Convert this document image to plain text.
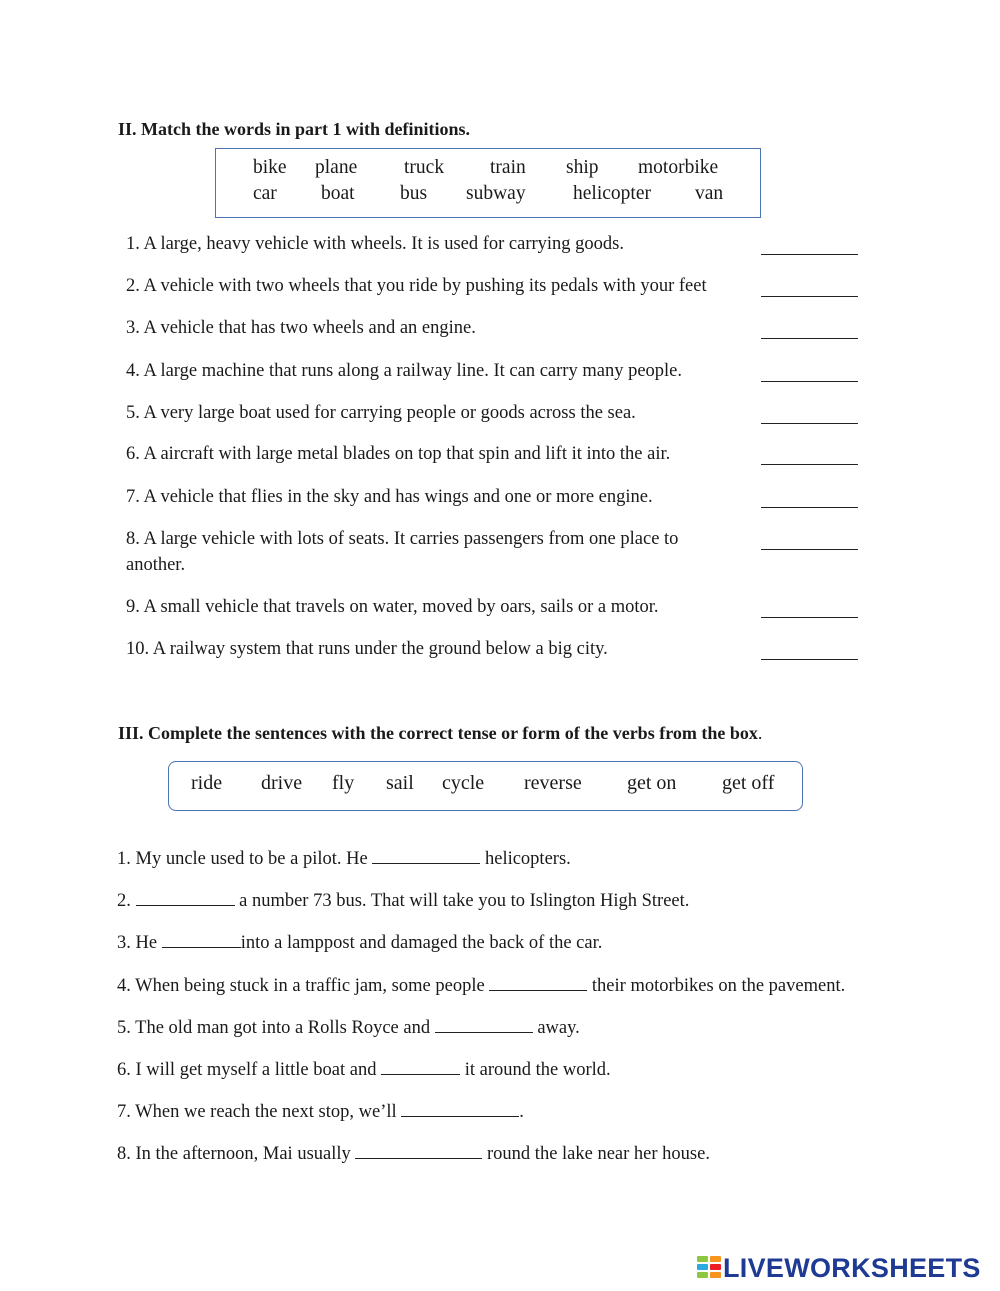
II. Match the words in part 1 with definitions.
bike plane truck train ship motorbike
car boat bus subway helicopter van
1. A large, heavy vehicle with wheels. It is used for carrying goods.
2. A vehicle with two wheels that you ride by pushing its pedals with your feet
3. A vehicle that has two wheels and an engine.
4. A large machine that runs along a railway line. It can carry many people.
5. A very large boat used for carrying people or goods across the sea.
6. A aircraft with large metal blades on top that spin and lift it into the air.
7. A vehicle that flies in the sky and has wings and one or more engine.
8. A large vehicle with lots of seats. It carries passengers from one place to another.
9. A small vehicle that travels on water, moved by oars, sails or a motor.
10. A railway system that runs under the ground below a big city.
III. Complete the sentences with the correct tense or form of the verbs from the box.
ride drive fly sail cycle reverse get on get off
1. My uncle used to be a pilot. He	helicopters.
2.	a number 73 bus. That will take you to Islington High Street.
3. He	into a lamppost and damaged the back of the car.
4. When being stuck in a traffic jam, some people	their motorbikes on the pavement.
5. The old man got into a Rolls Royce and	away.
6. I will get myself a little boat and	it around the world.
7. When we reach the next stop, we’ll	.
8. In the afternoon, Mai usually	round the lake near her house.
LIVEWORKSHEETS
